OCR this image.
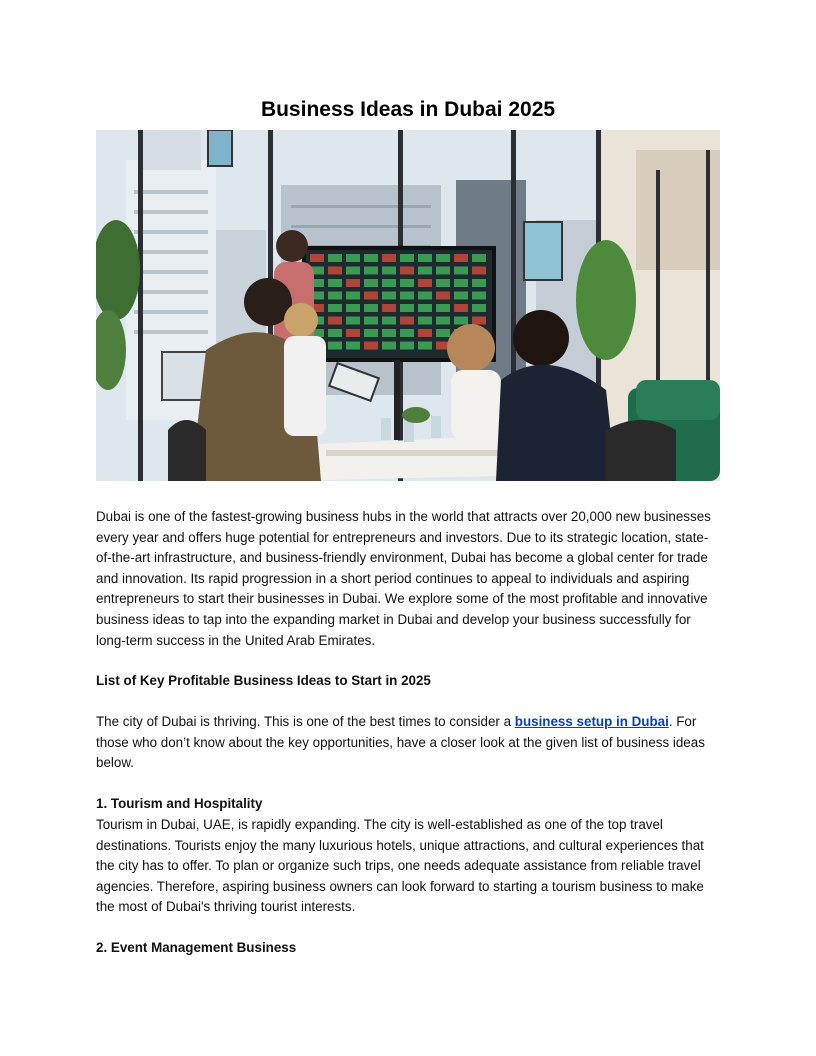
Business Ideas in Dubai 2025
Dubai is one of the fastest-growing business hubs in the world that attracts over 20,000 new businesses every year and offers huge potential for entrepreneurs and investors. Due to its strategic location, state-of-the-art infrastructure, and business-friendly environment, Dubai has become a global center for trade and innovation. Its rapid progression in a short period continues to appeal to individuals and aspiring entrepreneurs to start their businesses in Dubai. We explore some of the most profitable and innovative business ideas to tap into the expanding market in Dubai and develop your business successfully for long-term success in the United Arab Emirates.
List of Key Profitable Business Ideas to Start in 2025
The city of Dubai is thriving. This is one of the best times to consider a business setup in Dubai. For those who don’t know about the key opportunities, have a closer look at the given list of business ideas below.
1. Tourism and Hospitality
Tourism in Dubai, UAE, is rapidly expanding. The city is well-established as one of the top travel destinations. Tourists enjoy the many luxurious hotels, unique attractions, and cultural experiences that the city has to offer. To plan or organize such trips, one needs adequate assistance from reliable travel agencies. Therefore, aspiring business owners can look forward to starting a tourism business to make the most of Dubai's thriving tourist interests.
2. Event Management Business
